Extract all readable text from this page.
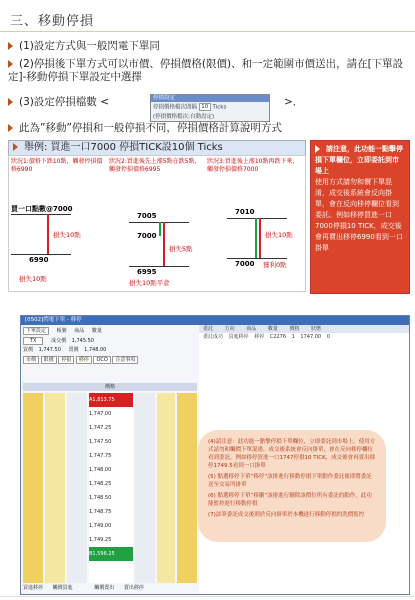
三、移動停損
(1)設定方式與一般閃電下單同
(2)停損後下單方式可以市價、停損價格(限價)、和一定範圍市價送出，請在[下單設定]-移動停損下單設定中選擇
(3)設定停損檔數 <	>．
停損設定
停損價格檔次間隔 10 Ticks
(停損價格檔次:自動設定)
此為”移動”停損和一般停損不同，停損價格計算說明方式
舉例: 買進一口7000 停損TICK設10個 Ticks
狀況1:價格下跌10點，觸發停損價格6990
狀況2:買進後先上漲5點在跌5點，觸發停損價格6995
狀況3:買進後上漲10點再跌下來，觸發停損價格7000
買一口點數@7000
損失10點
6990
損失10點
7005
7000
損失5點
6995
損失10點平倉
7010
損失10點
7000 獲利0點
請注意，此功能一點擊停損下單欄位，立即委託到市場上
使用方式請勿和價下單混淆，成交後系統會反向掛單，會在反向移停欄位看到委託。例如移停買進一口7000停損10 TICK，成交後會再賣出移停6990看到一口掛單
[0502]閃電下單 - 移停
下單設定 帳號 商品 數量
TX	成交價 1,745.50
買價 1,747.50 賣價 1,748.00
市價 限價 停損 移停 OCO 注意事項
價格
A1,813.75
1,747.00
1,747.25
1,747.50
1,747.75
1,748.00
1,748.25
1,748.50
1,748.75
1,749.00
1,749.25
B1,596.25
買進移停 觸價買進	觸價賣出 賣出移停
委託 方向 商品 數量 價格 狀態
委託成功 買進移停 移停 C2276 1 1747.00 0
(4)請注意：此功能一點擊停損下單欄位，立即委託到市場上。使用方式請勿和觸價下單混淆，成交後系統會反向掛單，會在反向移停欄位看到委託，例如移停買進一口1747停損10 TICK，成交後會再賣出移停1749.5看到一口掛單
(5) 點選移停下單”移停”該排進行移動停損下單動作委託後即將委託送至交易所掛單
(6) 點選移停下單”移刪”該排進行刪除該價位所有委託的動作，此功能監控進行移動停損
(7)該筆委託成交後則於反向掛單於本機進行移動停損的洗價監控
